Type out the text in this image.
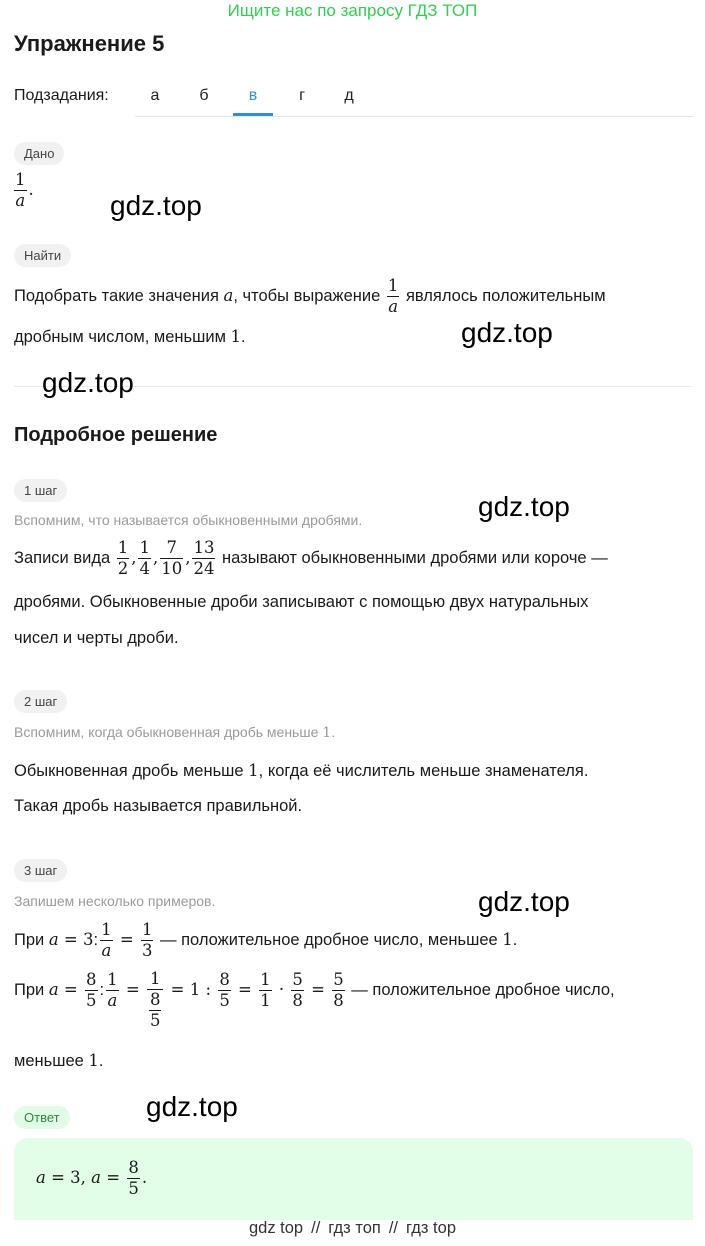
Ищите нас по запросу ГДЗ ТОП
Упражнение 5
Подзадания:	а	б	в	г	д
Дано
$\frac{1}{a}$ .
Найти
Подобрать такие значения a, чтобы выражение $\frac{1}{a}$ являлось положительным
дробным числом, меньшим 1.
Подробное решение
1 шаг
Вспомним, что называется обыкновенными дробями.
Записи вида $\frac{1}{2}$ , $\frac{1}{4}$ , $\frac{7}{10}$ , $\frac{13}{24}$ называют обыкновенными дробями или короче —
дробями. Обыкновенные дроби записывают с помощью двух натуральных
чисел и черты дроби.
2 шаг
Вспомним, когда обыкновенная дробь меньше 1.
Обыкновенная дробь меньше 1, когда её числитель меньше знаменателя.
Такая дробь называется правильной.
3 шаг
Запишем несколько примеров.
При a = 3: $\frac{1}{a} = \frac{1}{3}$ — положительное дробное число, меньшее 1.
При $a = \frac{8}{5}$ : $\frac{1}{a} = \frac{1}{\frac{8}{5}} = 1$ : $\frac{8}{5} = \frac{1}{1} \cdot \frac{5}{8} = \frac{5}{8}$ — положительное дробное число,
меньшее 1.
Ответ
a = 3, $a = \frac{8}{5}$ .
gdz.top
gdz.top
gdz.top
gdz.top
gdz.top
gdz.top
gdz top // гдз топ // гдз top
